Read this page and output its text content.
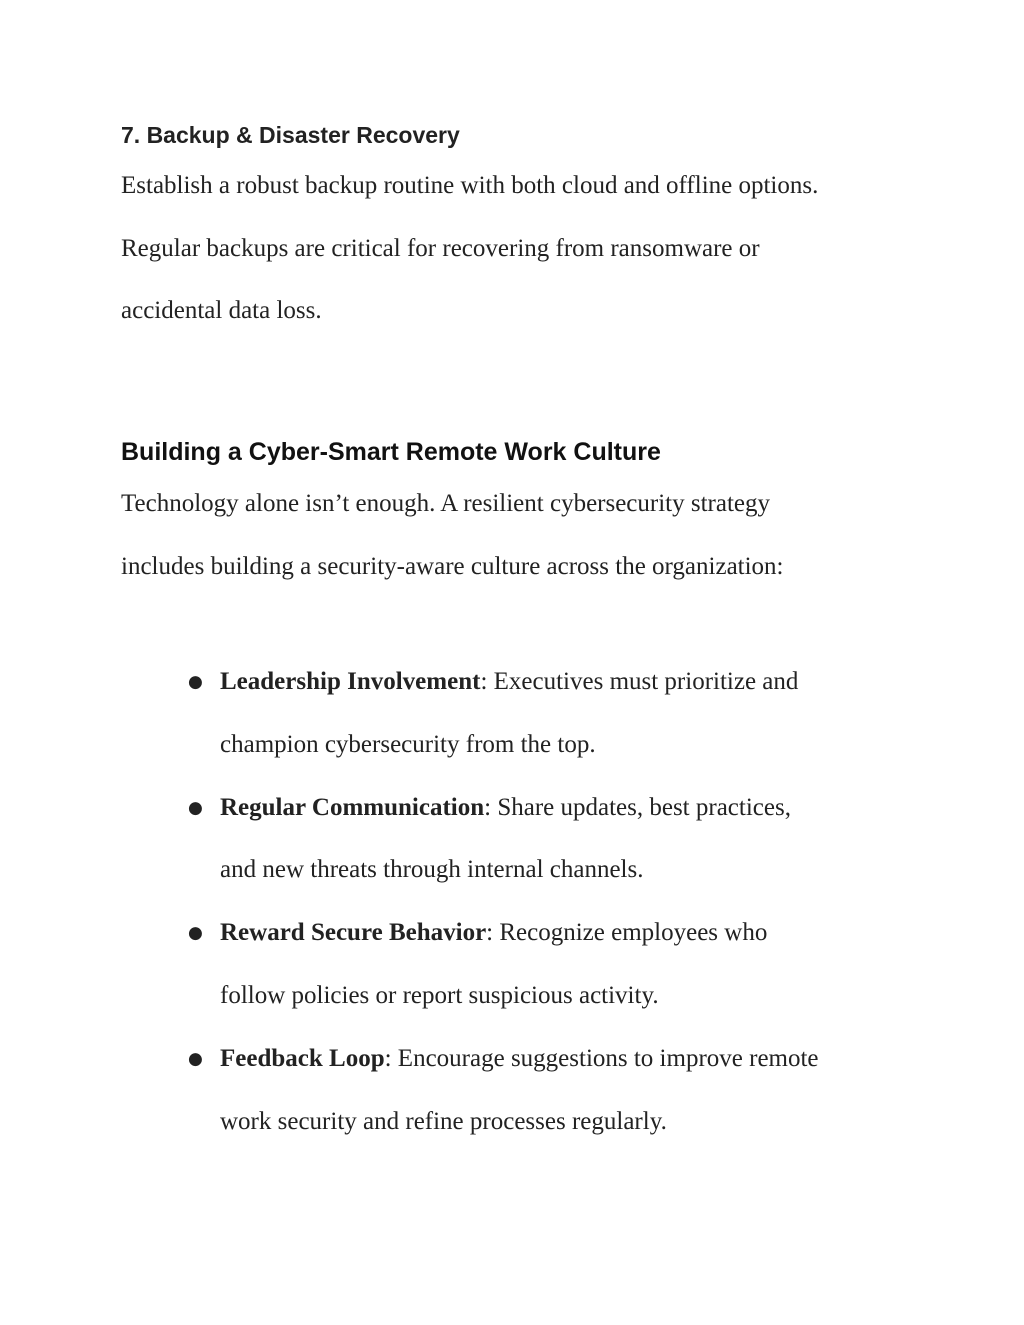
7. Backup & Disaster Recovery

Establish a robust backup routine with both cloud and offline options.
Regular backups are critical for recovering from ransomware or
accidental data loss.

Building a Cyber-Smart Remote Work Culture

Technology alone isn’t enough. A resilient cybersecurity strategy
includes building a security-aware culture across the organization:

● Leadership Involvement: Executives must prioritize and
champion cybersecurity from the top.
● Regular Communication: Share updates, best practices,
and new threats through internal channels.
● Reward Secure Behavior: Recognize employees who
follow policies or report suspicious activity.
● Feedback Loop: Encourage suggestions to improve remote
work security and refine processes regularly.
